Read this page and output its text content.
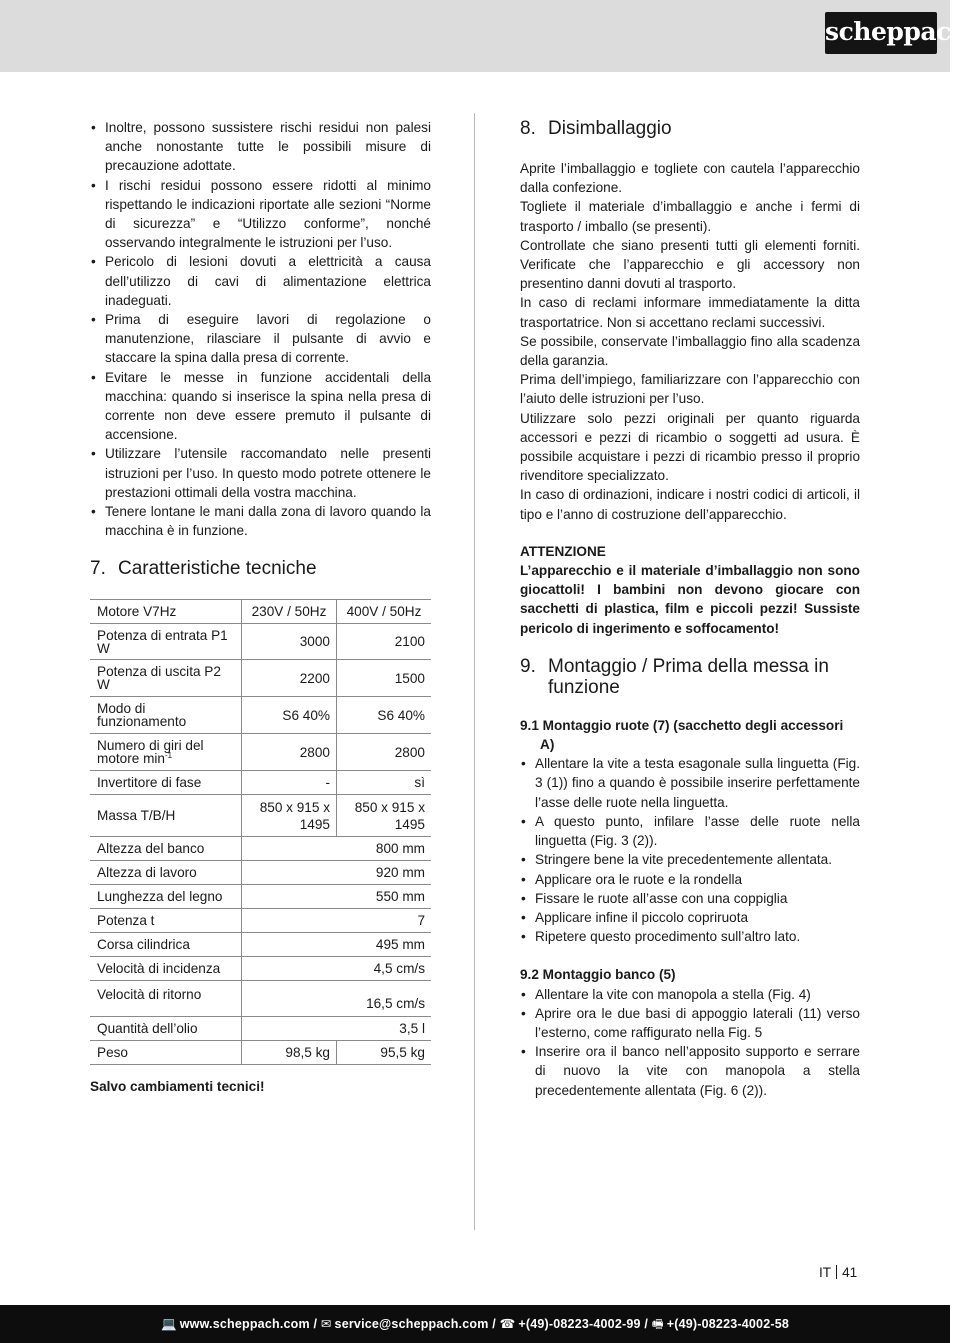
scheppach
• Inoltre, possono sussistere rischi residui non palesi anche nonostante tutte le possibili misure di precauzione adottate.
• I rischi residui possono essere ridotti al minimo rispettando le indicazioni riportate alle sezioni “Norme di sicurezza” e “Utilizzo conforme”, nonché osservando integralmente le istruzioni per l’uso.
• Pericolo di lesioni dovuti a elettricità a causa dell’utilizzo di cavi di alimentazione elettrica inadeguati.
• Prima di eseguire lavori di regolazione o manutenzione, rilasciare il pulsante di avvio e staccare la spina dalla presa di corrente.
• Evitare le messe in funzione accidentali della macchina: quando si inserisce la spina nella presa di corrente non deve essere premuto il pulsante di accensione.
• Utilizzare l’utensile raccomandato nelle presenti istruzioni per l’uso. In questo modo potrete ottenere le prestazioni ottimali della vostra macchina.
• Tenere lontane le mani dalla zona di lavoro quando la macchina è in funzione.
7. Caratteristiche tecniche
Motore V7Hz	230V / 50Hz	400V / 50Hz
Potenza di entrata P1 W	3000	2100
Potenza di uscita P2 W	2200	1500
Modo di funzionamento	S6 40%	S6 40%
Numero di giri del motore $\min^{-1}$	2800	2800
Invertitore di fase	-	sì
Massa T/B/H	850 x 915 x 1495	850 x 915 x 1495
Altezza del banco	800 mm	
Altezza di lavoro	920 mm	
Lunghezza del legno	550 mm	
Potenza t	7	
Corsa cilindrica	495 mm	
Velocità di incidenza	4,5 cm/s	
Velocità di ritorno	16,5 cm/s	
Quantità dell’olio	3,5 l	
Peso	98,5 kg	95,5 kg

Salvo cambiamenti tecnici!

8. Disimballaggio

Aprite l’imballaggio e togliete con cautela l’apparecchio dalla confezione.
Togliete il materiale d’imballaggio e anche i fermi di trasporto / imballo (se presenti).
Controllate che siano presenti tutti gli elementi forniti. Verificate che l’apparecchio e gli accessory non presentino danni dovuti al trasporto.
In caso di reclami informare immediatamente la ditta trasportatrice. Non si accettano reclami successivi.
Se possibile, conservate l’imballaggio fino alla scadenza della garanzia.
Prima dell’impiego, familiarizzare con l’apparecchio con l’aiuto delle istruzioni per l’uso.
Utilizzare solo pezzi originali per quanto riguarda accessori e pezzi di ricambio o soggetti ad usura. È possibile acquistare i pezzi di ricambio presso il proprio rivenditore specializzato.
In caso di ordinazioni, indicare i nostri codici di articoli, il tipo e l’anno di costruzione dell’apparecchio.

ATTENZIONE

L’apparecchio e il materiale d’imballaggio non sono giocattoli! I bambini non devono giocare con sacchetti di plastica, film e piccoli pezzi! Sussiste pericolo di ingerimento e soffocamento!

9. Montaggio / Prima della messa in funzione
9.1 Montaggio ruote (7) (sacchetto degli accessori A)
• Allentare la vite a testa esagonale sulla linguetta (Fig. 3 (1)) fino a quando è possibile inserire perfettamente l’asse delle ruote nella linguetta.
• A questo punto, infilare l’asse delle ruote nella linguetta (Fig. 3 (2)).
• Stringere bene la vite precedentemente allentata.
• Applicare ora le ruote e la rondella
• Fissare le ruote all’asse con una coppiglia
• Applicare infine il piccolo copriruota
• Ripetere questo procedimento sull’altro lato.
9.2 Montaggio banco (5)
• Allentare la vite con manopola a stella (Fig. 4)
• Aprire ora le due basi di appoggio laterali (11) verso l’esterno, come raffigurato nella Fig. 5
• Inserire ora il banco nell’apposito supporto e serrare di nuovo la vite con manopola a stella precedentemente allentata (Fig. 6 (2)).
IT 41
💻 www.scheppach.com / ✉ service@scheppach.com / ☎ +(49)-08223-4002-99 / 🖷 +(49)-08223-4002-58
